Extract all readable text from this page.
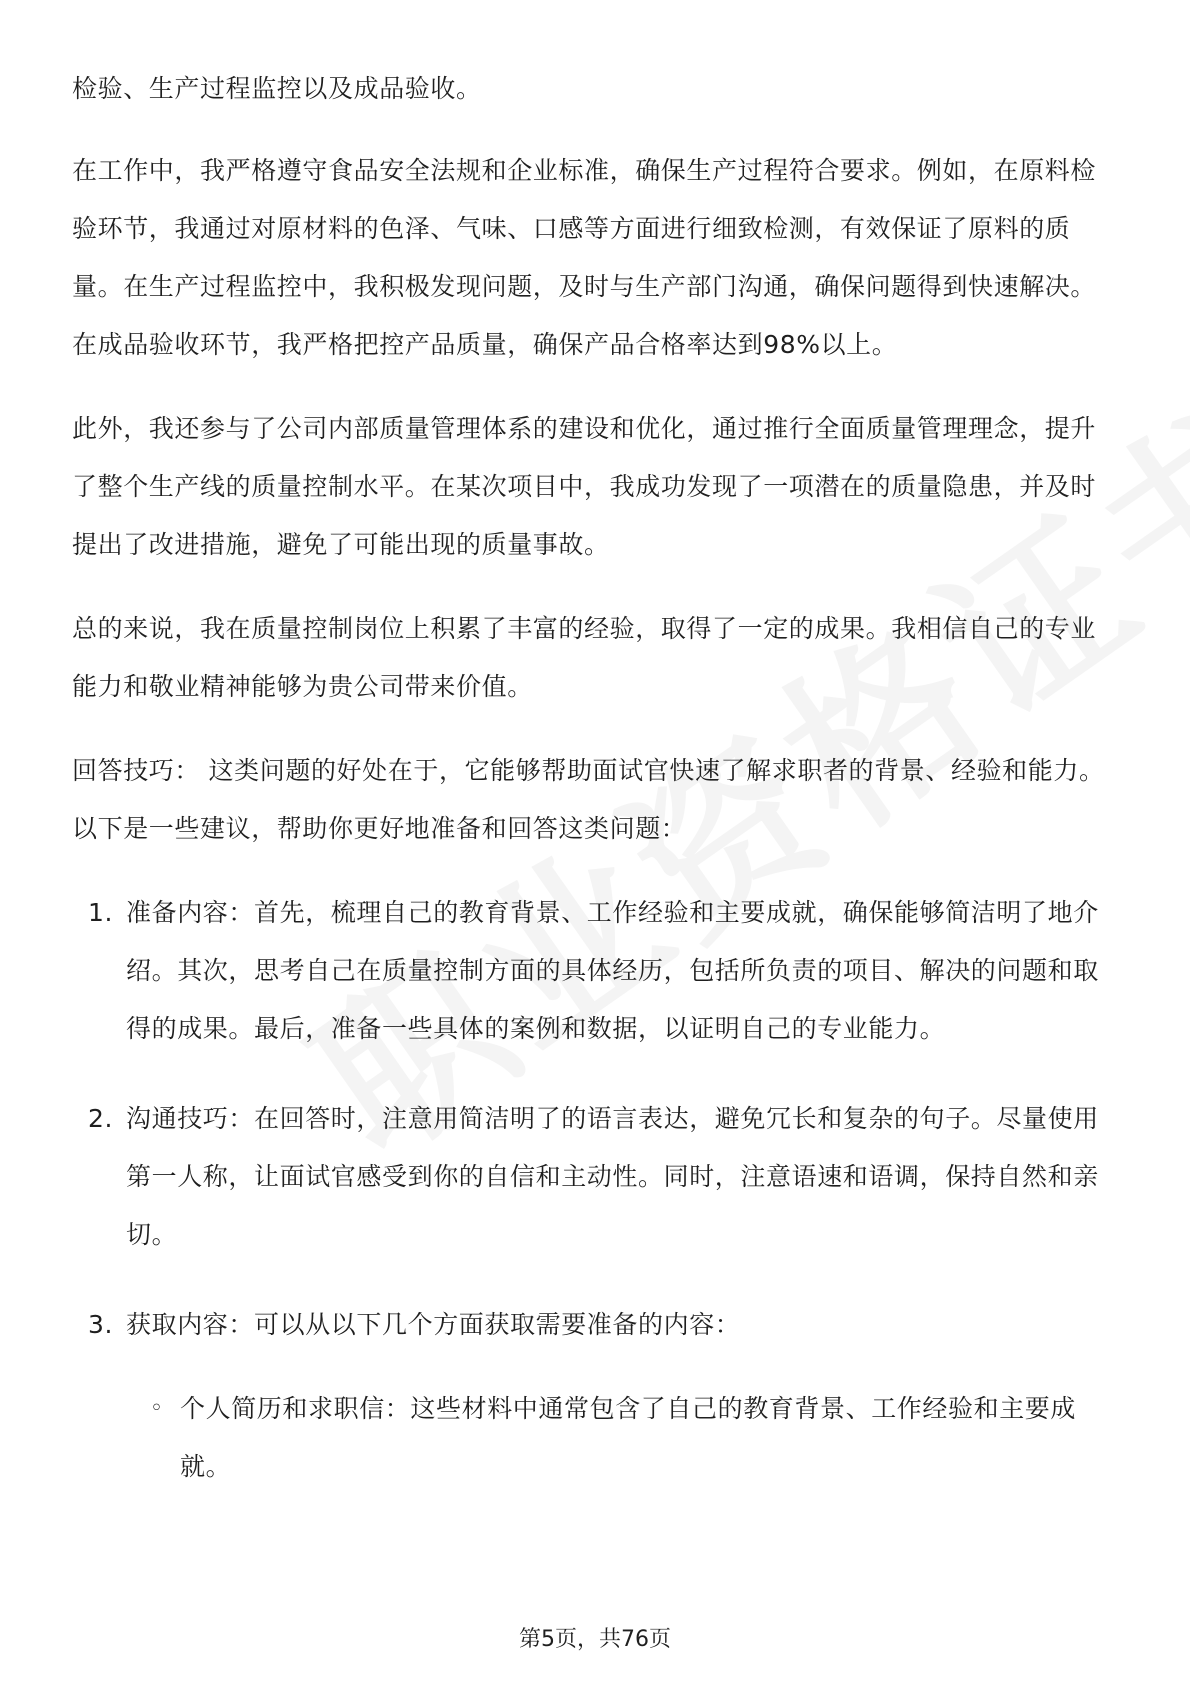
检验、生产过程监控以及成品验收。

在工作中，我严格遵守食品安全法规和企业标准，确保生产过程符合要求。例如，在原料检验环节，我通过对原材料的色泽、气味、口感等方面进行细致检测，有效保证了原料的质量。在生产过程监控中，我积极发现问题，及时与生产部门沟通，确保问题得到快速解决。在成品验收环节，我严格把控产品质量，确保产品合格率达到98%以上。

此外，我还参与了公司内部质量管理体系的建设和优化，通过推行全面质量管理理念，提升了整个生产线的质量控制水平。在某次项目中，我成功发现了一项潜在的质量隐患，并及时提出了改进措施，避免了可能出现的质量事故。

总的来说，我在质量控制岗位上积累了丰富的经验，取得了一定的成果。我相信自己的专业能力和敬业精神能够为贵公司带来价值。

回答技巧： 这类问题的好处在于，它能够帮助面试官快速了解求职者的背景、经验和能力。以下是一些建议，帮助你更好地准备和回答这类问题：

1. 准备内容：首先，梳理自己的教育背景、工作经验和主要成就，确保能够简洁明了地介绍。其次，思考自己在质量控制方面的具体经历，包括所负责的项目、解决的问题和取得的成果。最后，准备一些具体的案例和数据，以证明自己的专业能力。
2. 沟通技巧：在回答时，注意用简洁明了的语言表达，避免冗长和复杂的句子。尽量使用第一人称，让面试官感受到你的自信和主动性。同时，注意语速和语调，保持自然和亲切。
3. 获取内容：可以从以下几个方面获取需要准备的内容：
◦ 个人简历和求职信：这些材料中通常包含了自己的教育背景、工作经验和主要成就。
第5页，共76页
